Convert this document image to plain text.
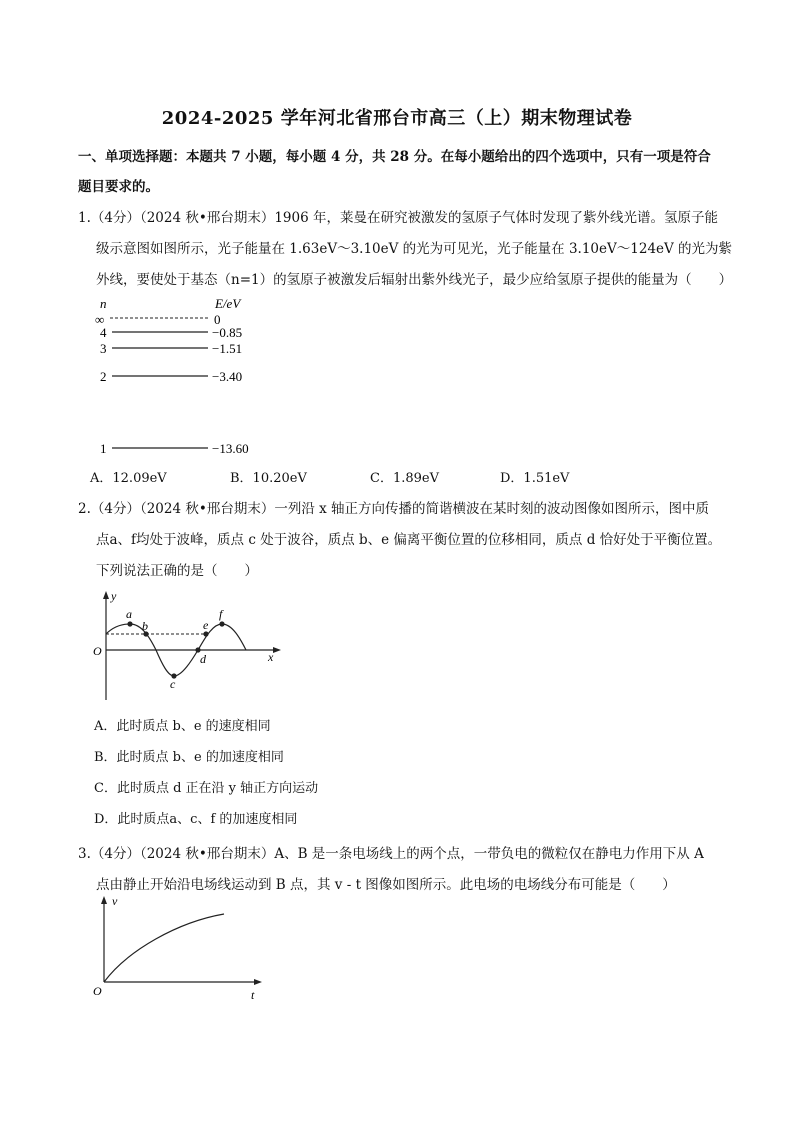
2024-2025 学年河北省邢台市高三（上）期末物理试卷
一、单项选择题：本题共 7 小题，每小题 4 分，共 28 分。在每小题给出的四个选项中，只有一项是符合
题目要求的。
1.（4分）（2024 秋•邢台期末）1906 年，莱曼在研究被激发的氢原子气体时发现了紫外线光谱。氢原子能
级示意图如图所示，光子能量在 1.63eV～3.10eV 的光为可见光，光子能量在 3.10eV～124eV 的光为紫
外线，要使处于基态（n=1）的氢原子被激发后辐射出紫外线光子，最少应给氢原子提供的能量为（　　）
n	E/eV
∞	0
4	−0.85
3	−1.51
2	−3.40
1	−13.60
A．12.09eV	B．10.20eV	C．1.89eV	D．1.51eV
2.（4分）（2024 秋•邢台期末）一列沿 x 轴正方向传播的简谐横波在某时刻的波动图像如图所示，图中质
点a、f均处于波峰，质点 c 处于波谷，质点 b、e 偏离平衡位置的位移相同，质点 d 恰好处于平衡位置。
下列说法正确的是（　　）
y
x
O
a
b
c
d
e
f
A．此时质点 b、e 的速度相同
B．此时质点 b、e 的加速度相同
C．此时质点 d 正在沿 y 轴正方向运动
D．此时质点a、c、f 的加速度相同
3.（4分）（2024 秋•邢台期末）A、B 是一条电场线上的两个点，一带负电的微粒仅在静电力作用下从 A
点由静止开始沿电场线运动到 B 点，其 v - t 图像如图所示。此电场的电场线分布可能是（　　）
v
t
O
